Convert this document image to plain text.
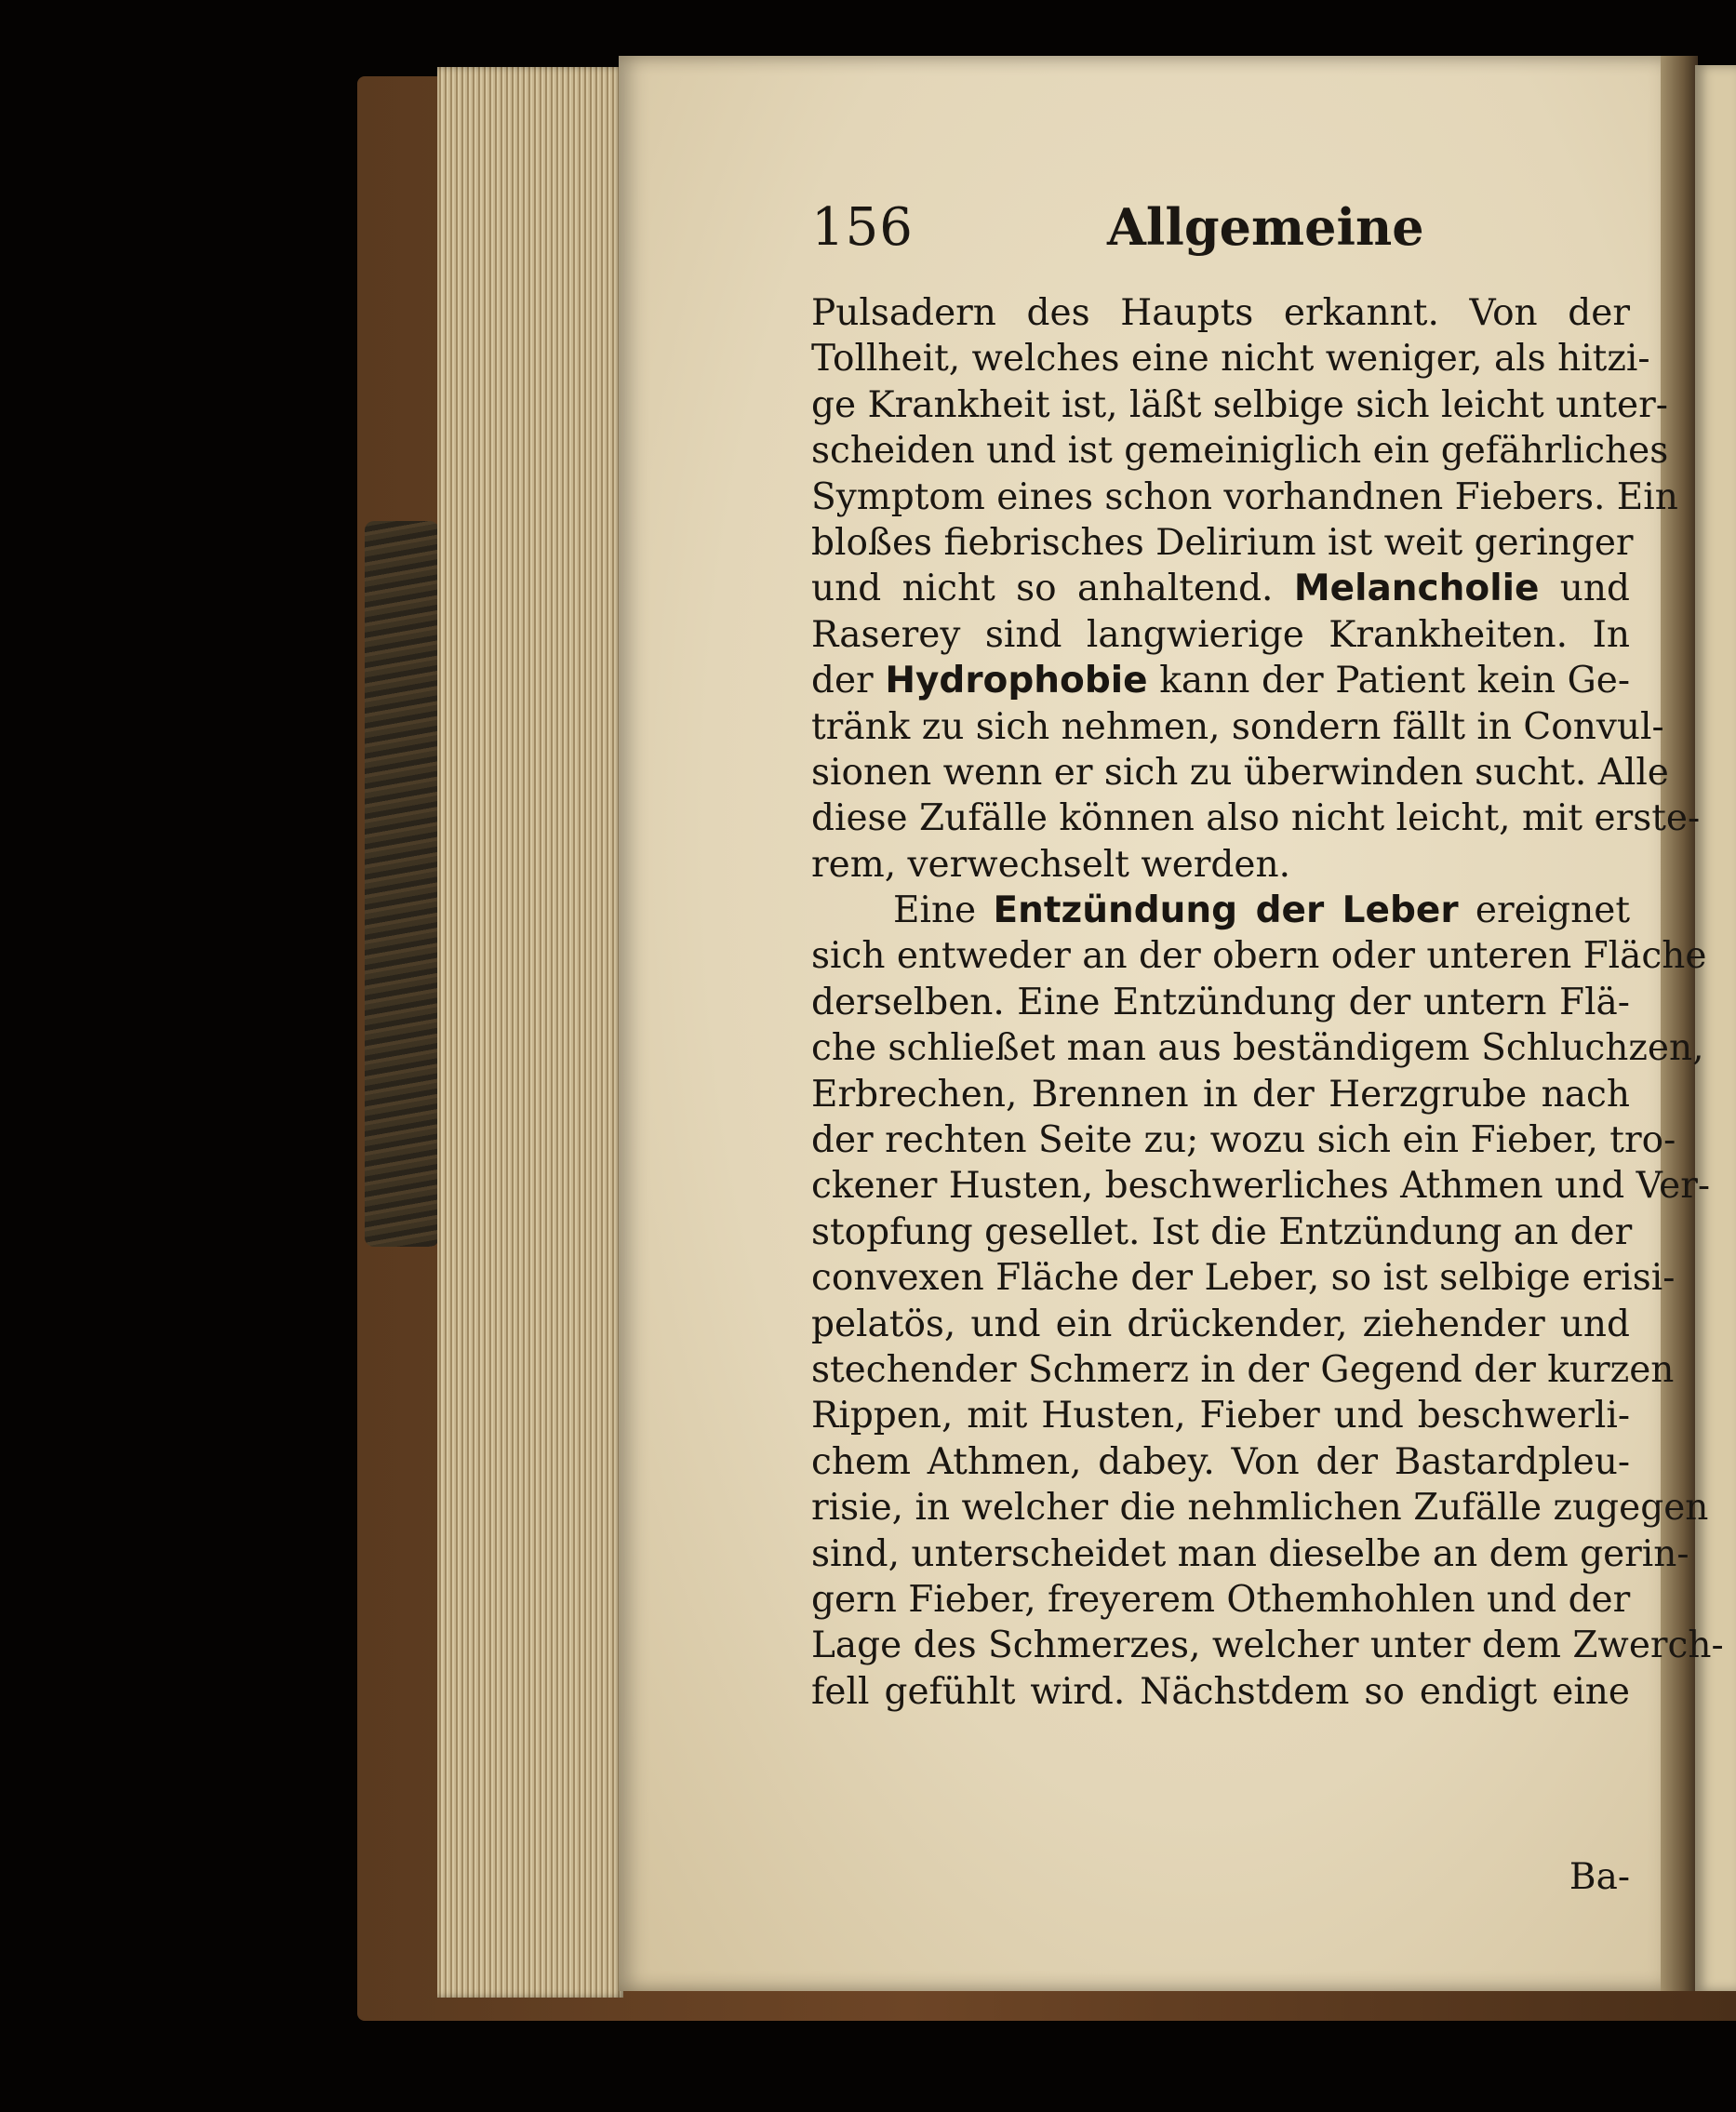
156	Allgemeine
Pulsadern des Haupts erkannt. Von der
Tollheit, welches eine nicht weniger, als hitzi-
ge Krankheit ist, läßt selbige sich leicht unter-
scheiden und ist gemeiniglich ein gefährliches
Symptom eines schon vorhandnen Fiebers. Ein
bloßes fiebrisches Delirium ist weit geringer
und nicht so anhaltend. Melancholie und
Raserey sind langwierige Krankheiten. In
der Hydrophobie kann der Patient kein Ge-
tränk zu sich nehmen, sondern fällt in Convul-
sionen wenn er sich zu überwinden sucht. Alle
diese Zufälle können also nicht leicht, mit erste-
rem, verwechselt werden.
Eine Entzündung der Leber ereignet
sich entweder an der obern oder unteren Fläche
derselben. Eine Entzündung der untern Flä-
che schließet man aus beständigem Schluchzen,
Erbrechen, Brennen in der Herzgrube nach
der rechten Seite zu; wozu sich ein Fieber, tro-
ckener Husten, beschwerliches Athmen und Ver-
stopfung gesellet. Ist die Entzündung an der
convexen Fläche der Leber, so ist selbige erisi-
pelatös, und ein drückender, ziehender und
stechender Schmerz in der Gegend der kurzen
Rippen, mit Husten, Fieber und beschwerli-
chem Athmen, dabey. Von der Bastardpleu-
risie, in welcher die nehmlichen Zufälle zugegen
sind, unterscheidet man dieselbe an dem gerin-
gern Fieber, freyerem Othemhohlen und der
Lage des Schmerzes, welcher unter dem Zwerch-
fell gefühlt wird. Nächstdem so endigt eine
Ba-
